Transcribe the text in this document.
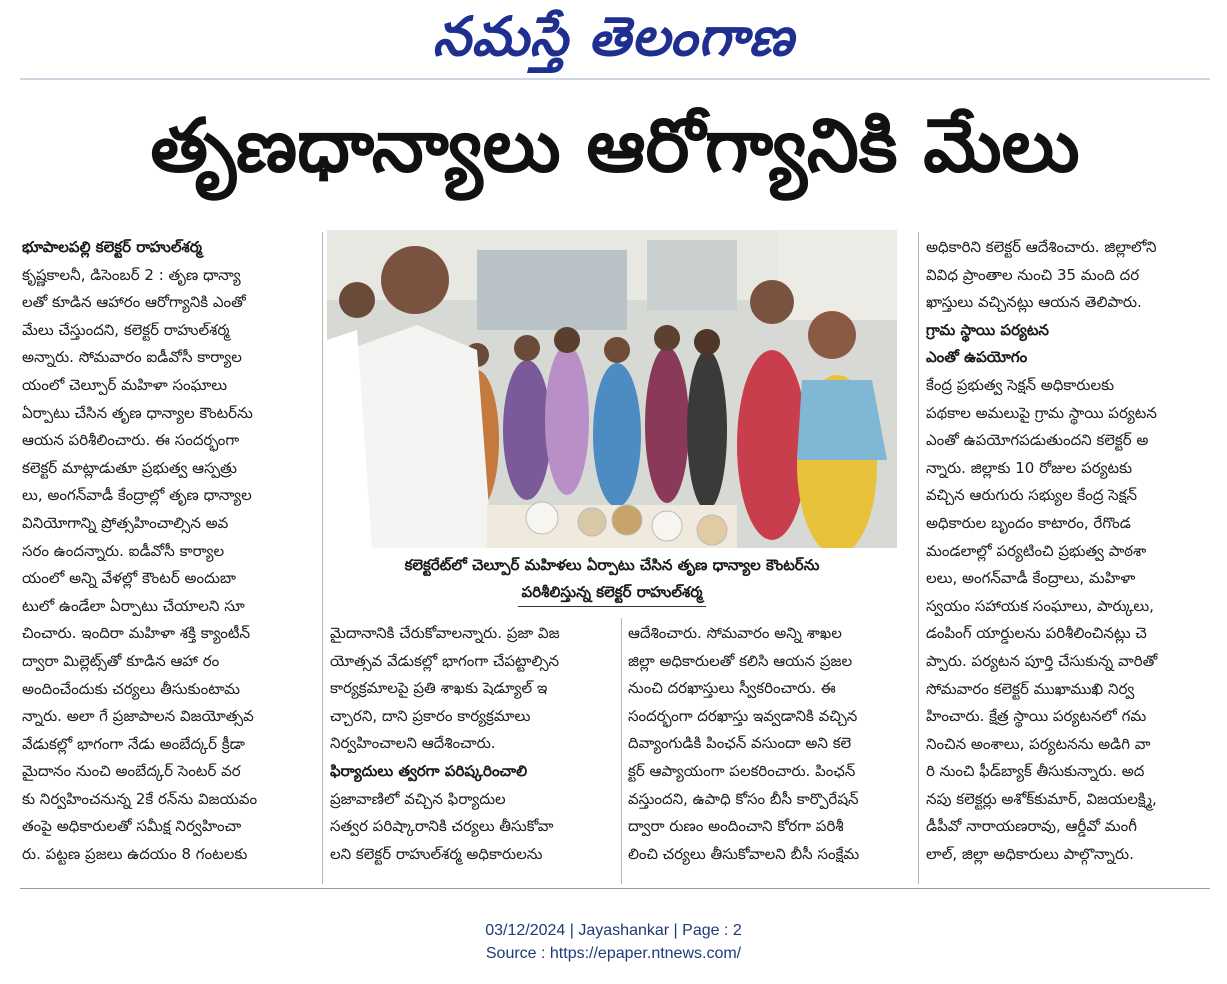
నమస్తే తెలంగాణ
తృణధాన్యాలు ఆరోగ్యానికి మేలు
భూపాలపల్లి కలెక్టర్ రాహుల్‌శర్మ
కృష్ణకాలనీ, డిసెంబర్ 2 : తృణ ధాన్యా
లతో కూడిన ఆహారం ఆరోగ్యానికి ఎంతో
మేలు చేస్తుందని, కలెక్టర్ రాహుల్‌శర్మ
అన్నారు. సోమవారం ఐడీవోసీ కార్యాల
యంలో చెల్పూర్ మహిళా సంఘాలు
ఏర్పాటు చేసిన తృణ ధాన్యాల కౌంటర్‌ను
ఆయన పరిశీలించారు. ఈ సందర్భంగా
కలెక్టర్ మాట్లాడుతూ ప్రభుత్వ ఆస్పత్రు
లు, అంగన్‌వాడీ కేంద్రాల్లో తృణ ధాన్యాల
వినియోగాన్ని ప్రోత్సహించాల్సిన అవ
సరం ఉందన్నారు. ఐడీవోసీ కార్యాల
యంలో అన్ని వేళల్లో కౌంటర్ అందుబా
టులో ఉండేలా ఏర్పాటు చేయాలని సూ
చించారు. ఇందిరా మహిళా శక్తి క్యాంటీన్
ద్వారా మిల్లెట్స్‌తో కూడిన ఆహా రం
అందించేందుకు చర్యలు తీసుకుంటామ
న్నారు. అలా గే ప్రజాపాలన విజయోత్సవ
వేడుకల్లో భాగంగా నేడు అంబేద్కర్ క్రీడా
మైదానం నుంచి అంబేద్కర్ సెంటర్ వర
కు నిర్వహించనున్న 2కే రన్‌ను విజయవం
తంపై అధికారులతో సమీక్ష నిర్వహించా
రు. పట్టణ ప్రజలు ఉదయం 8 గంటలకు
కలెక్టరేట్‌లో చెల్పూర్ మహిళలు ఏర్పాటు చేసిన తృణ ధాన్యాల కౌంటర్‌ను
పరిశీలిస్తున్న కలెక్టర్ రాహుల్‌శర్మ
మైదానానికి చేరుకోవాలన్నారు. ప్రజా విజ
యోత్సవ వేడుకల్లో భాగంగా చేపట్టాల్సిన
కార్యక్రమాలపై ప్రతి శాఖకు షెడ్యూల్ ఇ
చ్చారని, దాని ప్రకారం కార్యక్రమాలు
నిర్వహించాలని ఆదేశించారు.
ఫిర్యాదులు త్వరగా పరిష్కరించాలి
ప్రజావాణిలో వచ్చిన ఫిర్యాదుల
సత్వర పరిష్కారానికి చర్యలు తీసుకోవా
లని కలెక్టర్ రాహుల్‌శర్మ అధికారులను
ఆదేశించారు. సోమవారం అన్ని శాఖల
జిల్లా అధికారులతో కలిసి ఆయన ప్రజల
నుంచి దరఖాస్తులు స్వీకరించారు. ఈ
సందర్భంగా దరఖాస్తు ఇవ్వడానికి వచ్చిన
దివ్యాంగుడికి పింఛన్ వసుందా అని కలె
క్టర్ ఆప్యాయంగా పలకరించారు. పింఛన్
వస్తుందని, ఉపాధి కోసం బీసీ కార్పొరేషన్
ద్వారా రుణం అందించాని కోరగా పరిశీ
లించి చర్యలు తీసుకోవాలని బీసీ సంక్షేమ
అధికారిని కలెక్టర్ ఆదేశించారు. జిల్లాలోని
వివిధ ప్రాంతాల నుంచి 35 మంది దర
ఖాస్తులు వచ్చినట్లు ఆయన తెలిపారు.
గ్రామ స్థాయి పర్యటన
ఎంతో ఉపయోగం
కేంద్ర ప్రభుత్వ సెక్షన్ అధికారులకు
పథకాల అమలుపై గ్రామ స్థాయి పర్యటన
ఎంతో ఉపయోగపడుతుందని కలెక్టర్ అ
న్నారు. జిల్లాకు 10 రోజుల పర్యటకు
వచ్చిన ఆరుగురు సభ్యుల కేంద్ర సెక్షన్
అధికారుల బృందం కాటారం, రేగొండ
మండలాల్లో పర్యటించి ప్రభుత్వ పాఠశా
లలు, అంగన్‌వాడీ కేంద్రాలు, మహిళా
స్వయం సహాయక సంఘాలు, పార్కులు,
డంపింగ్ యార్డులను పరిశీలించినట్లు చె
ప్పారు. పర్యటన పూర్తి చేసుకున్న వారితో
సోమవారం కలెక్టర్ ముఖాముఖి నిర్వ
హించారు. క్షేత్ర స్థాయి పర్యటనలో గమ
నించిన అంశాలు, పర్యటనను అడిగి వా
రి నుంచి ఫీడ్‌బ్యాక్ తీసుకున్నారు. అద
నపు కలెక్టర్లు అశోక్‌కుమార్, విజయలక్ష్మి,
డీపీవో నారాయణరావు, ఆర్డీవో మంగీ
లాల్, జిల్లా అధికారులు పాల్గొన్నారు.
03/12/2024 | Jayashankar | Page : 2
Source : https://epaper.ntnews.com/
